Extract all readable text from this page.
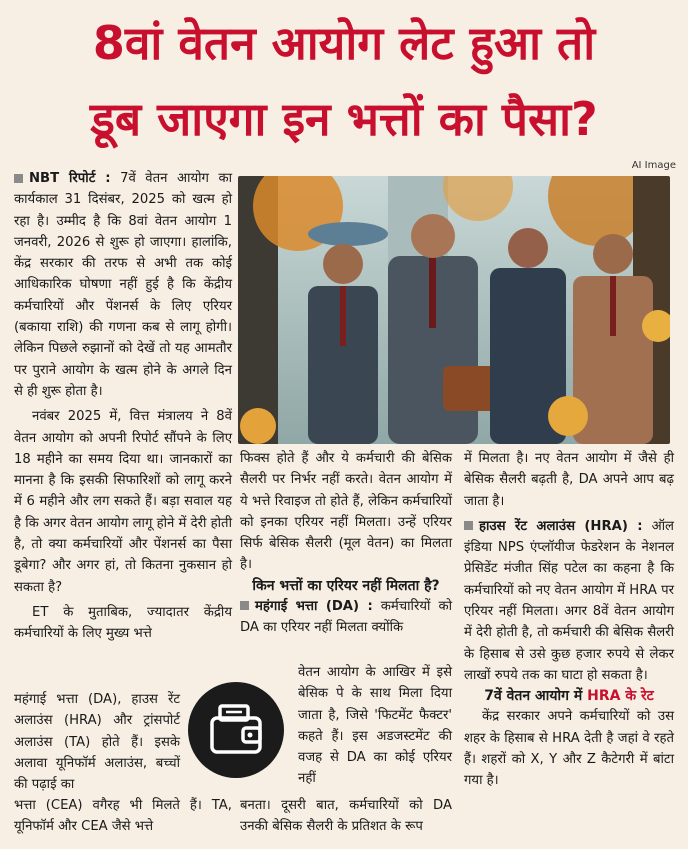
8वां वेतन आयोग लेट हुआ तो
डूब जाएगा इन भत्तों का पैसा?
AI Image

NBT रिपोर्ट : 7वें वेतन आयोग का कार्यकाल 31 दिसंबर, 2025 को खत्म हो रहा है। उम्मीद है कि 8वां वेतन आयोग 1 जनवरी, 2026 से शुरू हो जाएगा। हालांकि, केंद्र सरकार की तरफ से अभी तक कोई आधिकारिक घोषणा नहीं हुई है कि केंद्रीय कर्मचारियों और पेंशनर्स के लिए एरियर (बकाया राशि) की गणना कब से लागू होगी। लेकिन पिछले रुझानों को देखें तो यह आमतौर पर पुराने आयोग के खत्म होने के अगले दिन से ही शुरू होता है।

नवंबर 2025 में, वित्त मंत्रालय ने 8वें वेतन आयोग को अपनी रिपोर्ट सौंपने के लिए 18 महीने का समय दिया था। जानकारों का मानना है कि इसकी सिफारिशों को लागू करने में 6 महीने और लग सकते हैं। बड़ा सवाल यह है कि अगर वेतन आयोग लागू होने में देरी होती है, तो क्या कर्मचारियों और पेंशनर्स का पैसा डूबेगा? और अगर हां, तो कितना नुकसान हो सकता है?

ET के मुताबिक, ज्यादातर केंद्रीय कर्मचारियों के लिए मुख्य भत्ते

महंगाई भत्ता (DA), हाउस रेंट अलाउंस (HRA) और ट्रांसपोर्ट अलाउंस (TA) होते हैं। इसके अलावा यूनिफॉर्म अलाउंस, बच्चों की पढ़ाई का

भत्ता (CEA) वगैरह भी मिलते हैं। TA, यूनिफॉर्म और CEA जैसे भत्ते

फिक्स होते हैं और ये कर्मचारी की बेसिक सैलरी पर निर्भर नहीं करते। वेतन आयोग में ये भत्ते रिवाइज तो होते हैं, लेकिन कर्मचारियों को इनका एरियर नहीं मिलता। उन्हें एरियर सिर्फ बेसिक सैलरी (मूल वेतन) का मिलता है।

किन भत्तों का एरियर नहीं मिलता है?

महंगाई भत्ता (DA) : कर्मचारियों को DA का एरियर नहीं मिलता क्योंकि

वेतन आयोग के आखिर में इसे बेसिक पे के साथ मिला दिया जाता है, जिसे 'फिटमेंट फैक्टर' कहते हैं। इस अडजस्टमेंट की वजह से DA का कोई एरियर नहीं

बनता। दूसरी बात, कर्मचारियों को DA उनकी बेसिक सैलरी के प्रतिशत के रूप

में मिलता है। नए वेतन आयोग में जैसे ही बेसिक सैलरी बढ़ती है, DA अपने आप बढ़ जाता है।

हाउस रेंट अलाउंस (HRA) : ऑल इंडिया NPS एंप्लॉयीज फेडरेशन के नेशनल प्रेसिडेंट मंजीत सिंह पटेल का कहना है कि कर्मचारियों को नए वेतन आयोग में HRA पर एरियर नहीं मिलता। अगर 8वें वेतन आयोग में देरी होती है, तो कर्मचारी की बेसिक सैलरी के हिसाब से उसे कुछ हजार रुपये से लेकर लाखों रुपये तक का घाटा हो सकता है।

7वें वेतन आयोग में HRA के रेट

केंद्र सरकार अपने कर्मचारियों को उस शहर के हिसाब से HRA देती है जहां वे रहते हैं। शहरों को X, Y और Z कैटेगरी में बांटा गया है।
